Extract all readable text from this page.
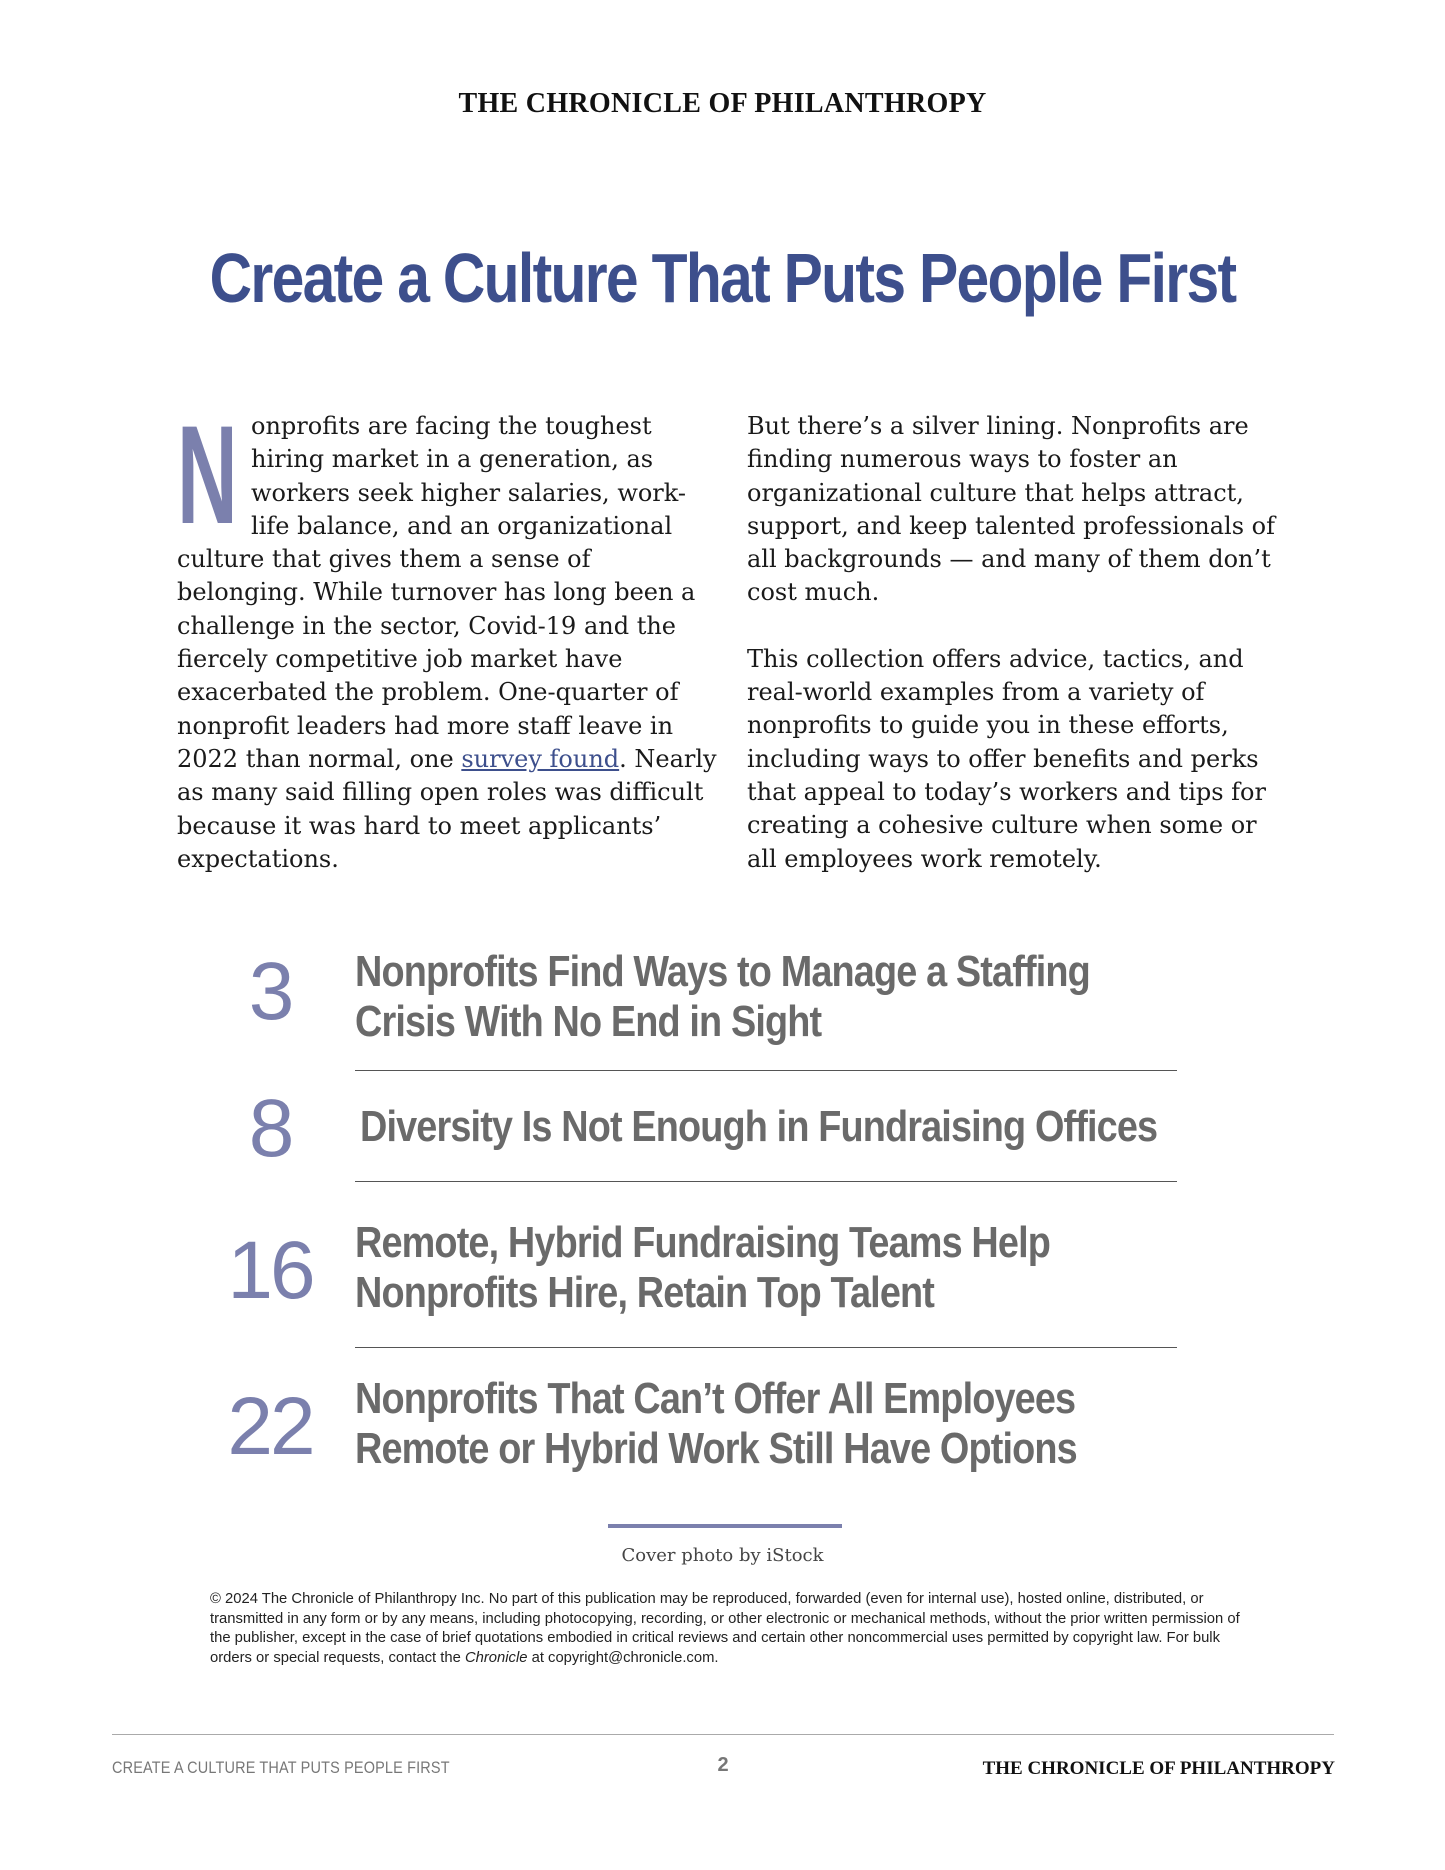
THE CHRONICLE OF PHILANTHROPY
Create a Culture That Puts People First

Nonprofits are facing the toughest hiring market in a generation, as workers seek higher salaries, work-life balance, and an organizational culture that gives them a sense of belonging. While turnover has long been a challenge in the sector, Covid-19 and the fiercely competitive job market have exacerbated the problem. One-quarter of nonprofit leaders had more staff leave in 2022 than normal, one survey found. Nearly as many said filling open roles was difficult because it was hard to meet applicants’ expectations.

But there’s a silver lining. Nonprofits are finding numerous ways to foster an organizational culture that helps attract, support, and keep talented professionals of all backgrounds — and many of them don’t cost much.

This collection offers advice, tactics, and real-world examples from a variety of nonprofits to guide you in these efforts, including ways to offer benefits and perks that appeal to today’s workers and tips for creating a cohesive culture when some or all employees work remotely.

3	Nonprofits Find Ways to Manage a Staffing
Crisis With No End in Sight
8	Diversity Is Not Enough in Fundraising Offices
16 Remote, Hybrid Fundraising Teams Help
Nonprofits Hire, Retain Top Talent
22 Nonprofits That Can’t Offer All Employees
Remote or Hybrid Work Still Have Options
Cover photo by iStock
© 2024 The Chronicle of Philanthropy Inc. No part of this publication may be reproduced, forwarded (even for internal use), hosted online, distributed, or transmitted in any form or by any means, including photocopying, recording, or other electronic or mechanical methods, without the prior written permission of the publisher, except in the case of brief quotations embodied in critical reviews and certain other noncommercial uses permitted by copyright law. For bulk orders or special requests, contact the Chronicle at copyright@chronicle.com.
CREATE A CULTURE THAT PUTS PEOPLE FIRST	2	THE CHRONICLE OF PHILANTHROPY
